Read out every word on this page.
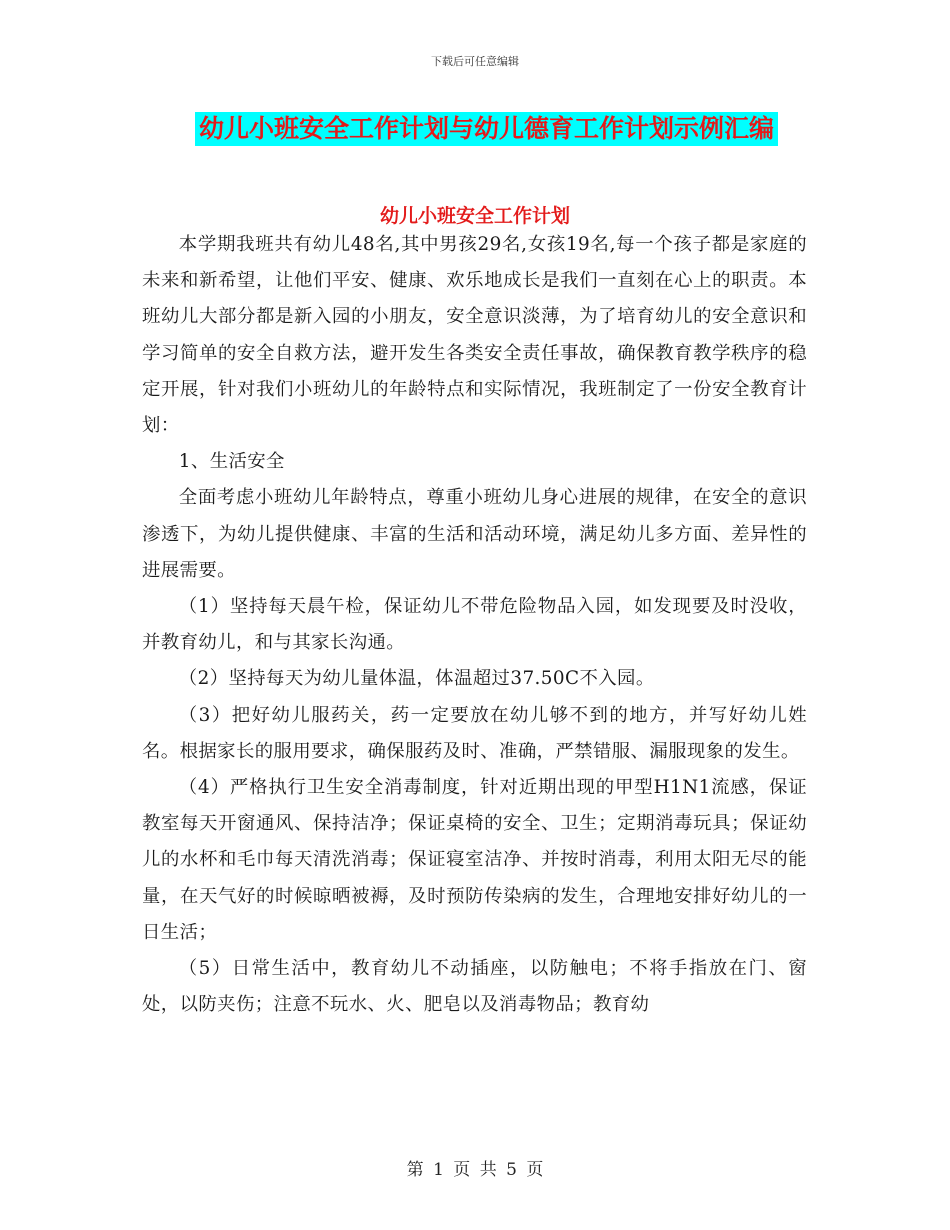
下载后可任意编辑
幼儿小班安全工作计划与幼儿德育工作计划示例汇编
幼儿小班安全工作计划

本学期我班共有幼儿48名,其中男孩29名,女孩19名,每一个孩子都是家庭的未来和新希望，让他们平安、健康、欢乐地成长是我们一直刻在心上的职责。本班幼儿大部分都是新入园的小朋友，安全意识淡薄，为了培育幼儿的安全意识和学习简单的安全自救方法，避开发生各类安全责任事故，确保教育教学秩序的稳定开展，针对我们小班幼儿的年龄特点和实际情况，我班制定了一份安全教育计划：

1、生活安全

全面考虑小班幼儿年龄特点，尊重小班幼儿身心进展的规律，在安全的意识渗透下，为幼儿提供健康、丰富的生活和活动环境，满足幼儿多方面、差异性的进展需要。

（1）坚持每天晨午检，保证幼儿不带危险物品入园，如发现要及时没收，并教育幼儿，和与其家长沟通。

（2）坚持每天为幼儿量体温，体温超过37.50C不入园。

（3）把好幼儿服药关，药一定要放在幼儿够不到的地方，并写好幼儿姓名。根据家长的服用要求，确保服药及时、准确，严禁错服、漏服现象的发生。

（4）严格执行卫生安全消毒制度，针对近期出现的甲型H1N1流感，保证教室每天开窗通风、保持洁净；保证桌椅的安全、卫生；定期消毒玩具；保证幼儿的水杯和毛巾每天清洗消毒；保证寝室洁净、并按时消毒，利用太阳无尽的能量，在天气好的时候晾晒被褥，及时预防传染病的发生，合理地安排好幼儿的一日生活；

（5）日常生活中，教育幼儿不动插座，以防触电；不将手指放在门、窗处，以防夹伤；注意不玩水、火、肥皂以及消毒物品；教育幼

第 1 页 共 5 页
